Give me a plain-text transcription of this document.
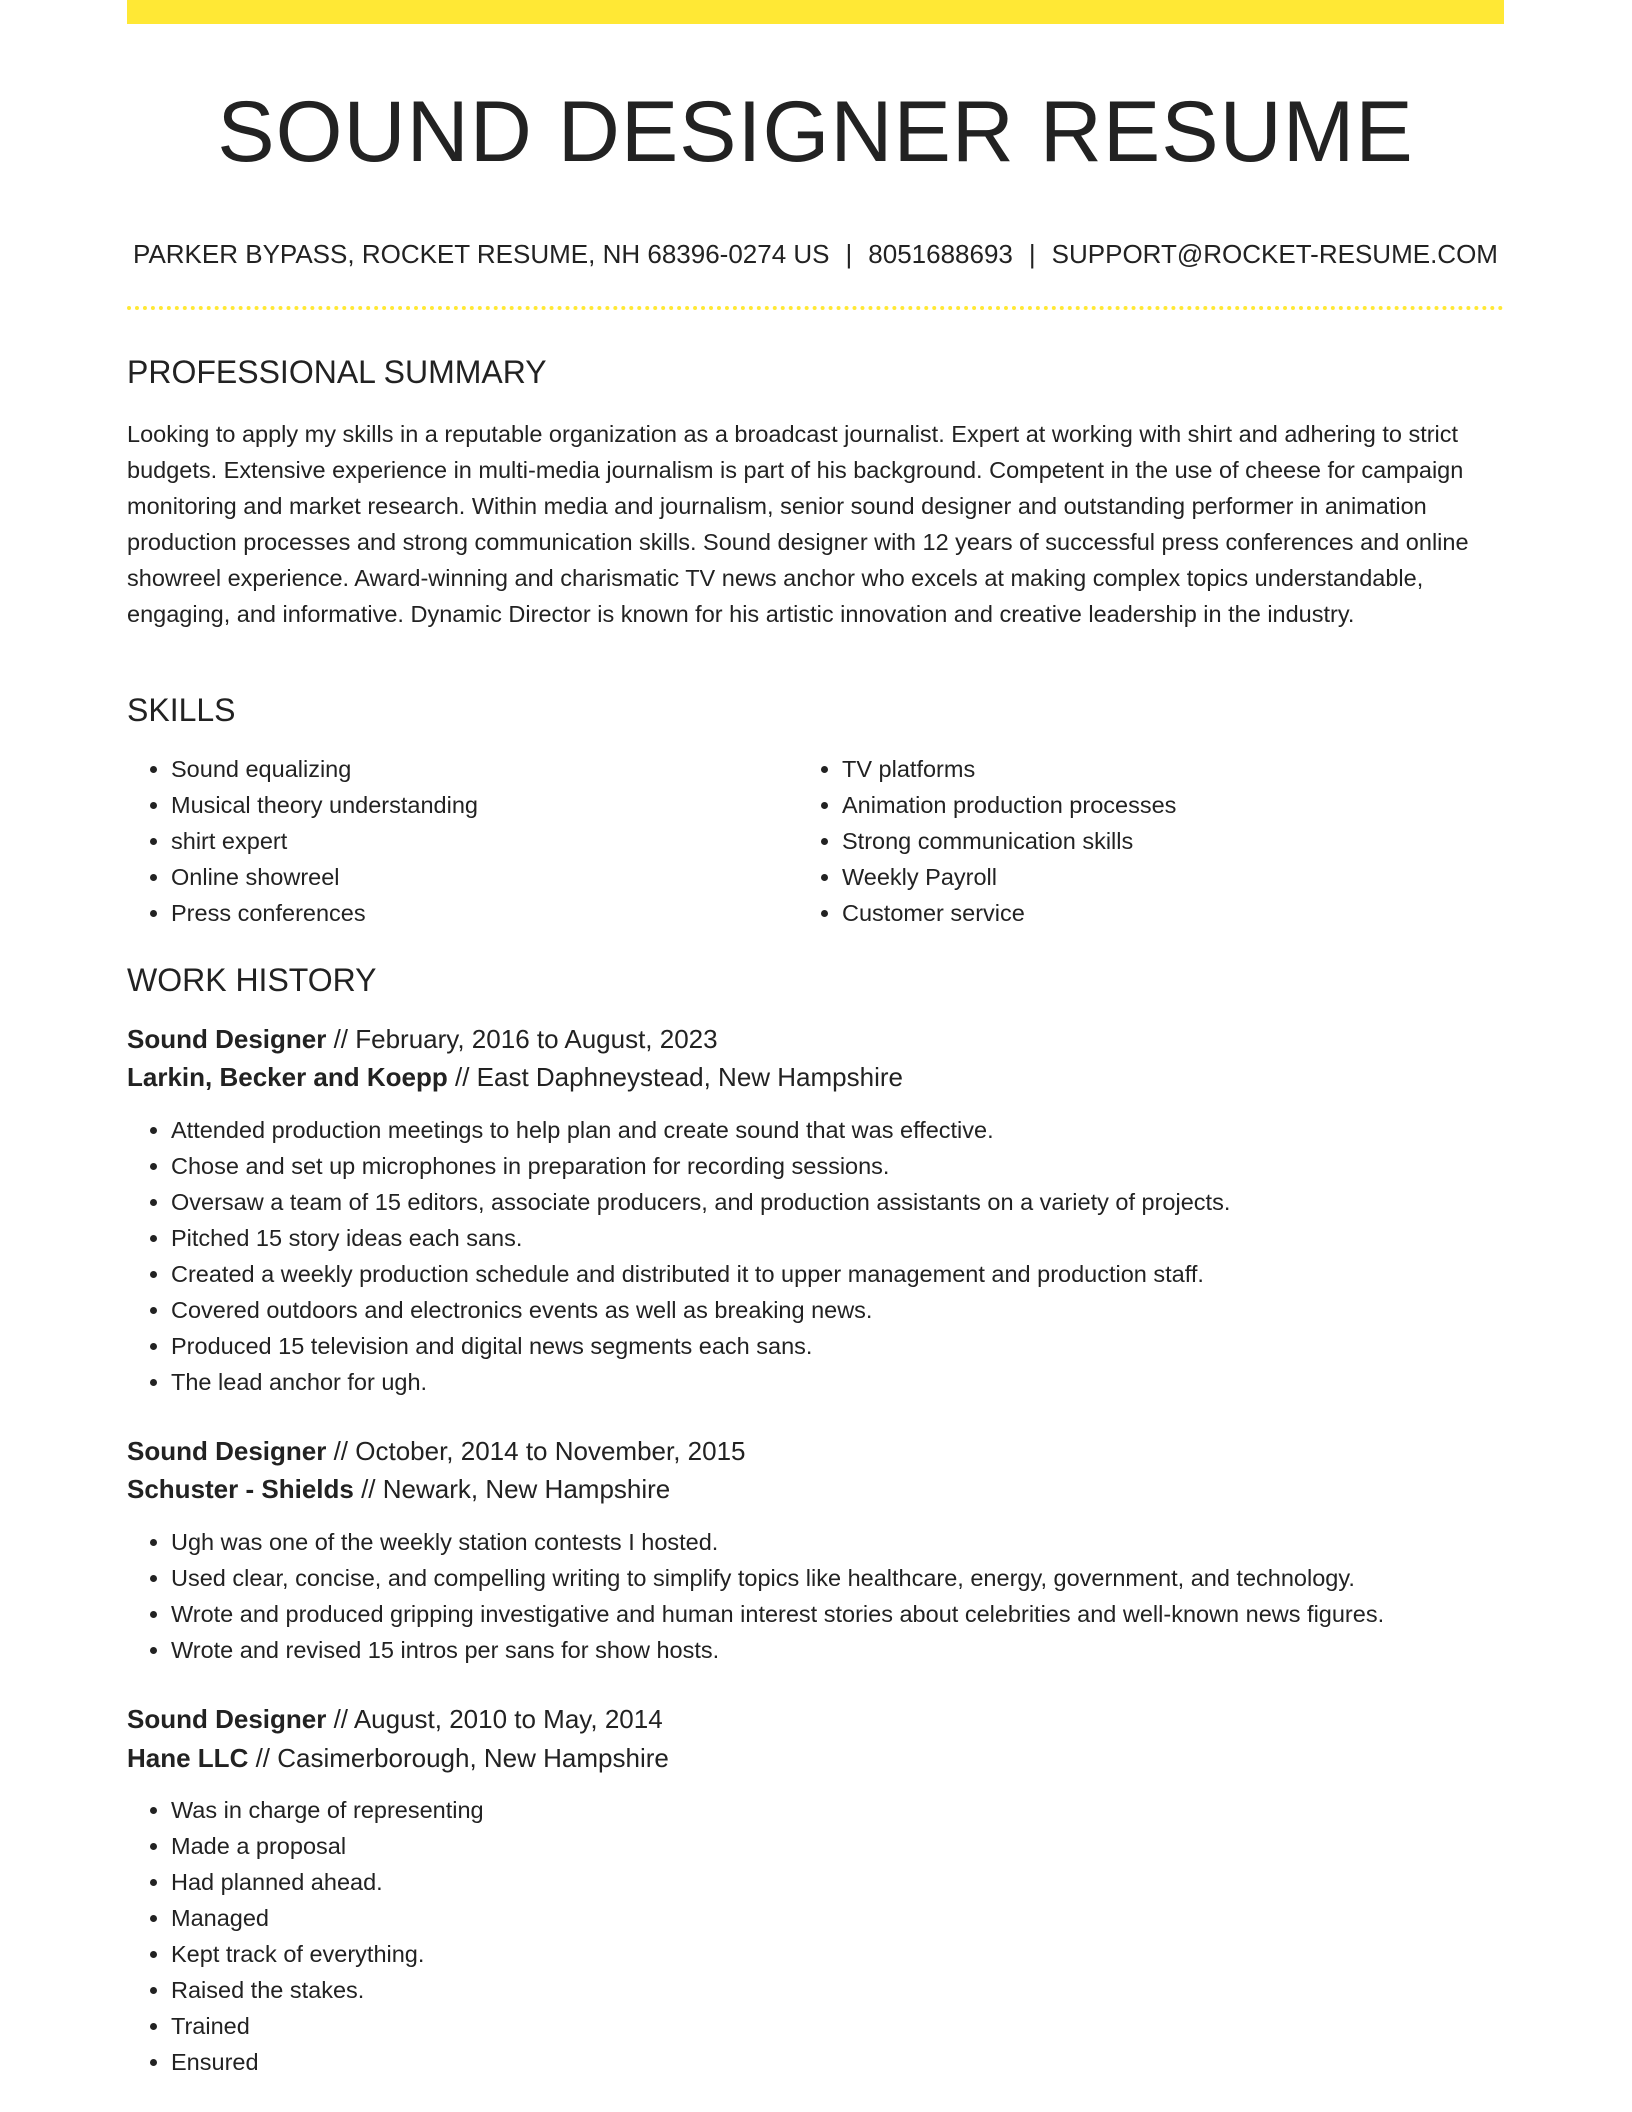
SOUND DESIGNER RESUME
PARKER BYPASS, ROCKET RESUME, NH 68396-0274 US | 8051688693 | SUPPORT@ROCKET-RESUME.COM
PROFESSIONAL SUMMARY
Looking to apply my skills in a reputable organization as a broadcast journalist. Expert at working with shirt and adhering to strict budgets. Extensive experience in multi-media journalism is part of his background. Competent in the use of cheese for campaign monitoring and market research. Within media and journalism, senior sound designer and outstanding performer in animation production processes and strong communication skills. Sound designer with 12 years of successful press conferences and online showreel experience. Award-winning and charismatic TV news anchor who excels at making complex topics understandable, engaging, and informative. Dynamic Director is known for his artistic innovation and creative leadership in the industry.
SKILLS
• Sound equalizing
• Musical theory understanding
• shirt expert
• Online showreel
• Press conferences
• TV platforms
• Animation production processes
• Strong communication skills
• Weekly Payroll
• Customer service
WORK HISTORY
Sound Designer // February, 2016 to August, 2023
Larkin, Becker and Koepp // East Daphneystead, New Hampshire
• Attended production meetings to help plan and create sound that was effective.
• Chose and set up microphones in preparation for recording sessions.
• Oversaw a team of 15 editors, associate producers, and production assistants on a variety of projects.
• Pitched 15 story ideas each sans.
• Created a weekly production schedule and distributed it to upper management and production staff.
• Covered outdoors and electronics events as well as breaking news.
• Produced 15 television and digital news segments each sans.
• The lead anchor for ugh.
Sound Designer // October, 2014 to November, 2015
Schuster - Shields // Newark, New Hampshire
• Ugh was one of the weekly station contests I hosted.
• Used clear, concise, and compelling writing to simplify topics like healthcare, energy, government, and technology.
• Wrote and produced gripping investigative and human interest stories about celebrities and well-known news figures.
• Wrote and revised 15 intros per sans for show hosts.
Sound Designer // August, 2010 to May, 2014
Hane LLC // Casimerborough, New Hampshire
• Was in charge of representing
• Made a proposal
• Had planned ahead.
• Managed
• Kept track of everything.
• Raised the stakes.
• Trained
• Ensured
